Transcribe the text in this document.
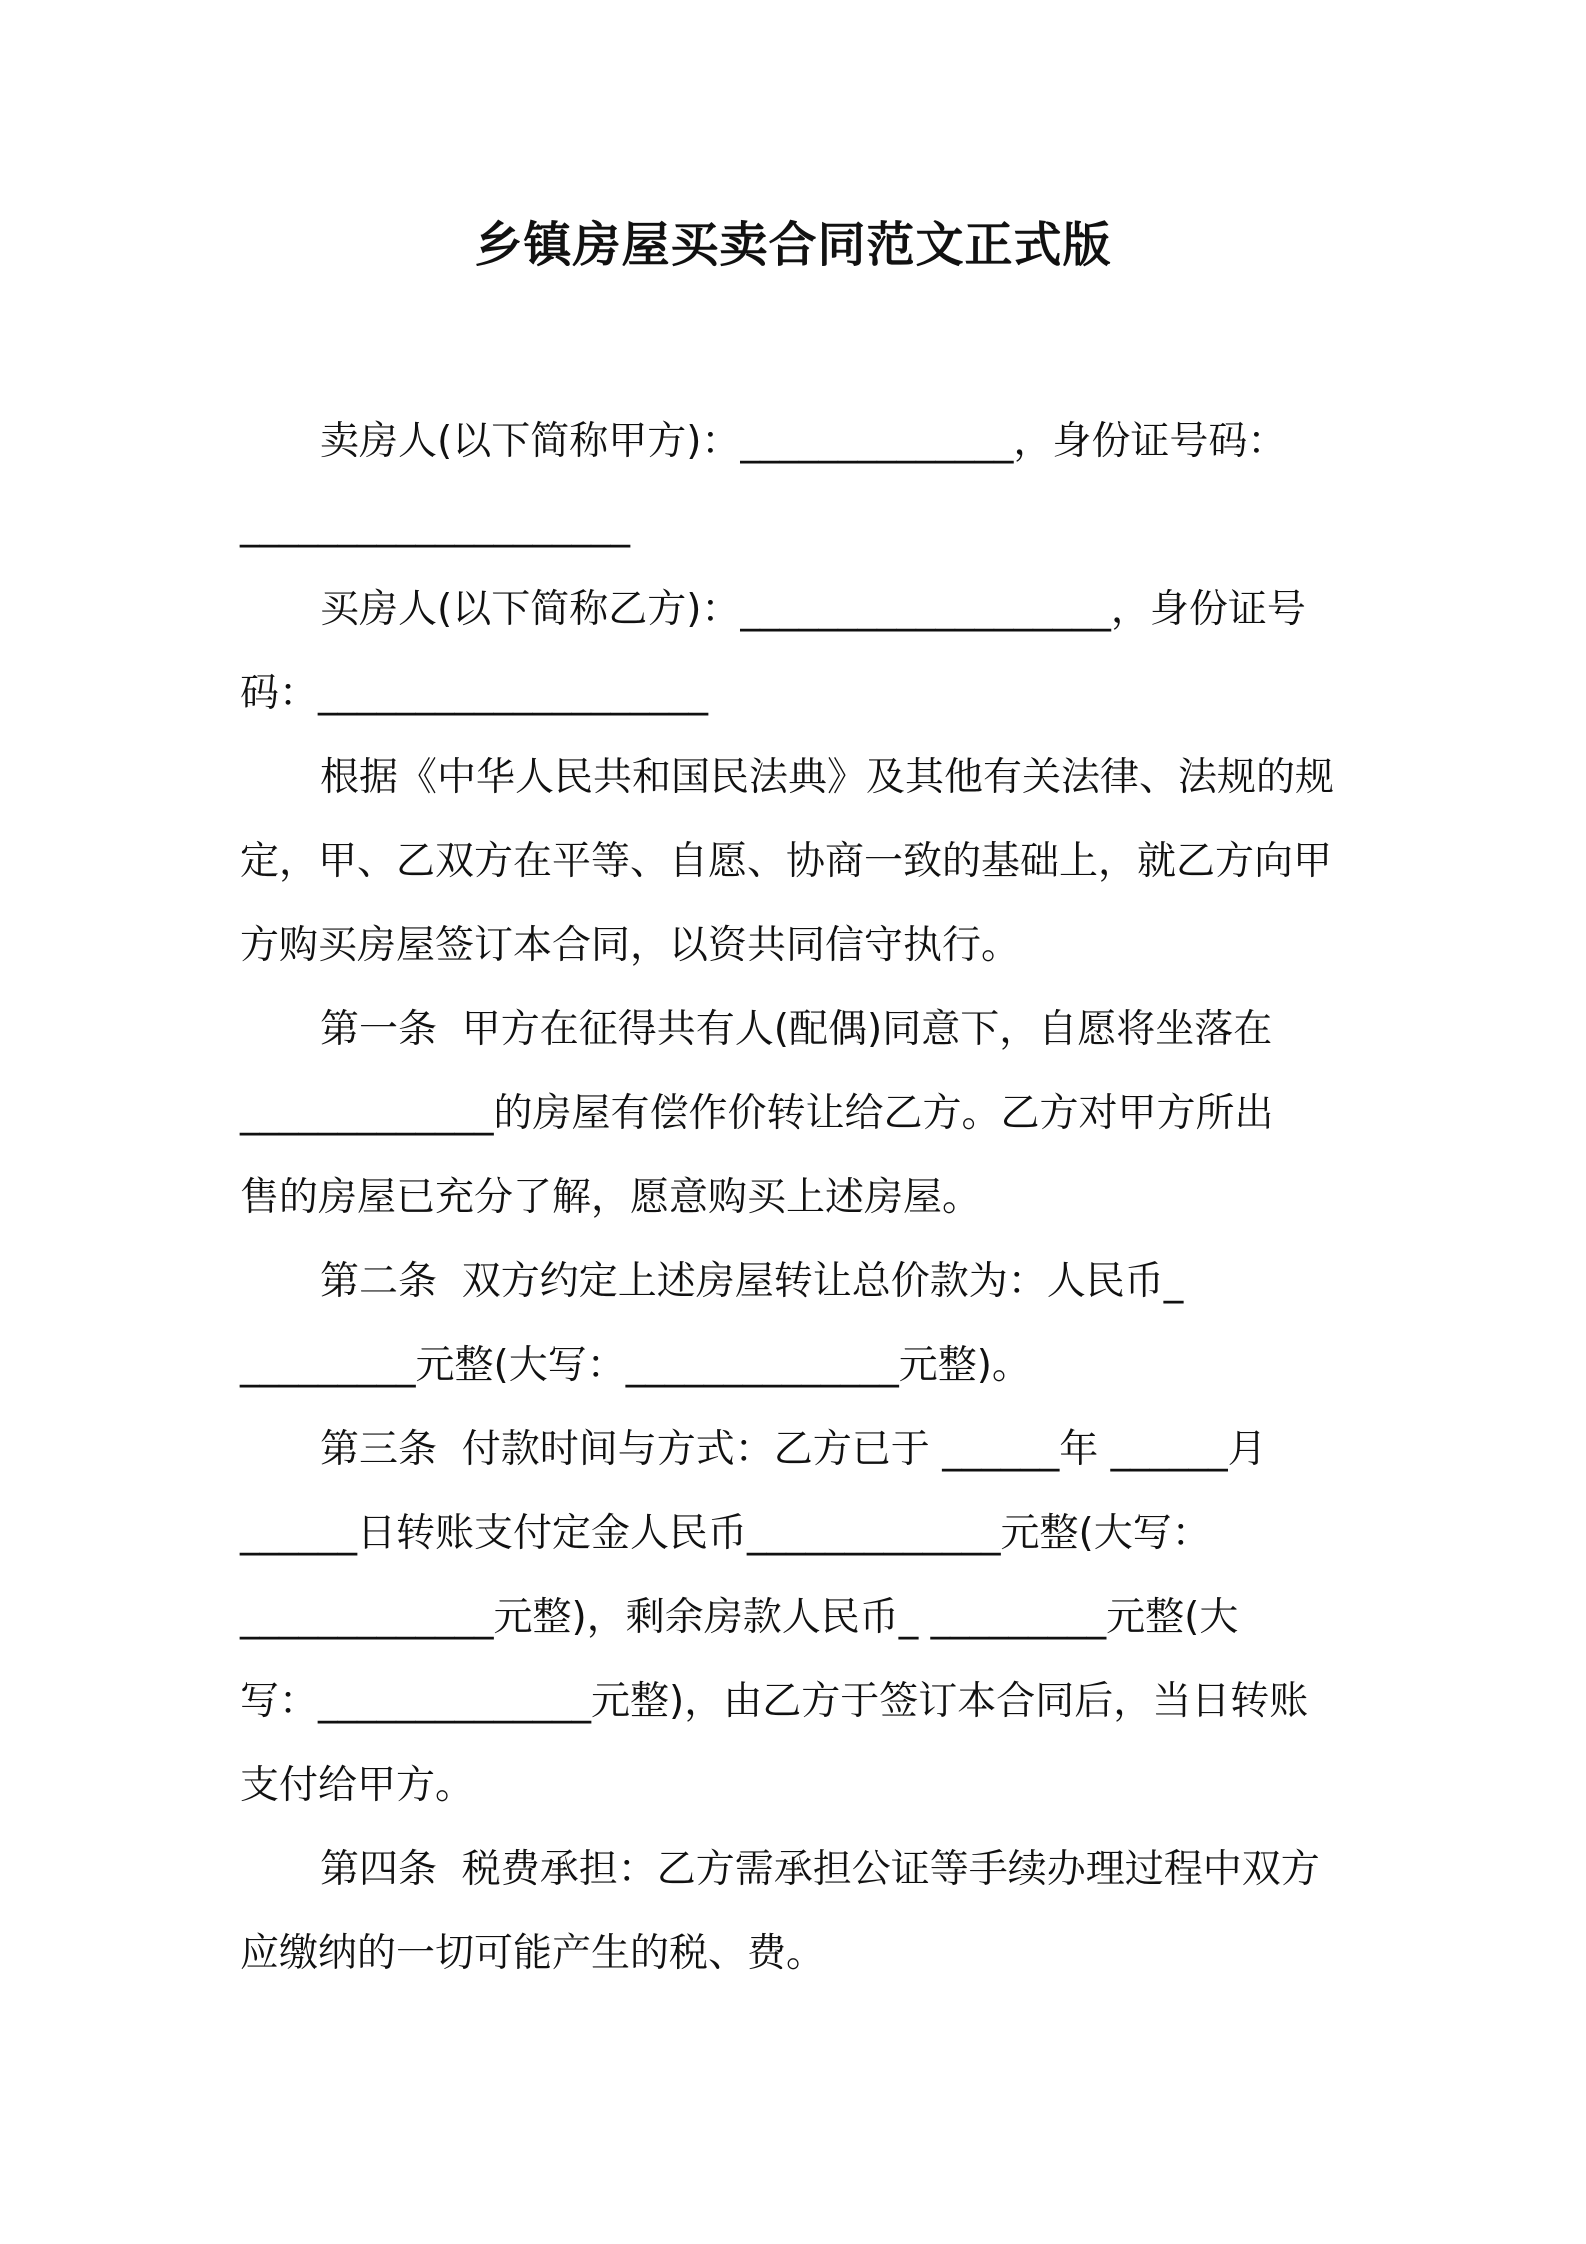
乡镇房屋买卖合同范文正式版
卖房人(以下简称甲方)：______________，身份证号码：
____________________
买房人(以下简称乙方)：___________________，身份证号
码：____________________
根据《中华人民共和国民法典》及其他有关法律、法规的规
定，甲、乙双方在平等、自愿、协商一致的基础上，就乙方向甲
方购买房屋签订本合同，以资共同信守执行。
第一条  甲方在征得共有人(配偶)同意下，自愿将坐落在
_____________的房屋有偿作价转让给乙方。乙方对甲方所出
售的房屋已充分了解，愿意购买上述房屋。
第二条  双方约定上述房屋转让总价款为：人民币_
_________元整(大写：______________元整)。
第三条  付款时间与方式：乙方已于 ______年 ______月
______日转账支付定金人民币_____________元整(大写：
_____________元整)，剩余房款人民币_ _________元整(大
写：______________元整)，由乙方于签订本合同后，当日转账
支付给甲方。
第四条  税费承担：乙方需承担公证等手续办理过程中双方
应缴纳的一切可能产生的税、费。
